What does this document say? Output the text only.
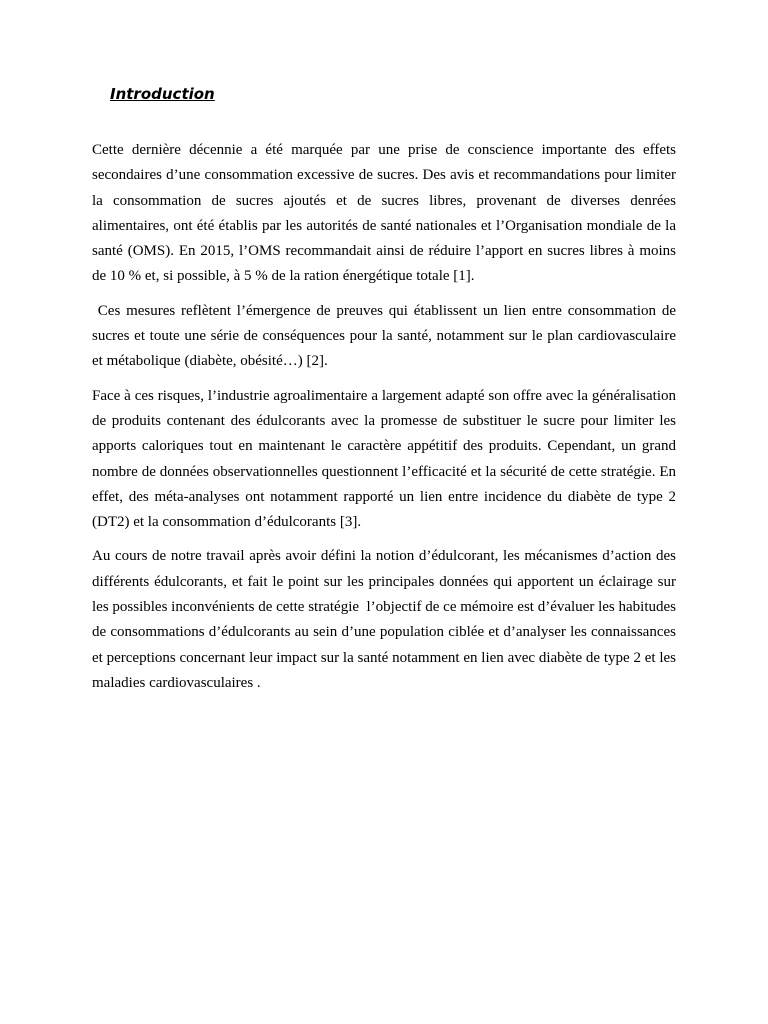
Introduction

Cette dernière décennie a été marquée par une prise de conscience importante des effets secondaires d’une consommation excessive de sucres. Des avis et recommandations pour limiter la consommation de sucres ajoutés et de sucres libres, provenant de diverses denrées alimentaires, ont été établis par les autorités de santé nationales et l’Organisation mondiale de la santé (OMS). En 2015, l’OMS recommandait ainsi de réduire l’apport en sucres libres à moins de 10 % et, si possible, à 5 % de la ration énergétique totale [1].

Ces mesures reflètent l’émergence de preuves qui établissent un lien entre consommation de sucres et toute une série de conséquences pour la santé, notamment sur le plan cardiovasculaire et métabolique (diabète, obésité…) [2].

Face à ces risques, l’industrie agroalimentaire a largement adapté son offre avec la généralisation de produits contenant des édulcorants avec la promesse de substituer le sucre pour limiter les apports caloriques tout en maintenant le caractère appétitif des produits. Cependant, un grand nombre de données observationnelles questionnent l’efficacité et la sécurité de cette stratégie. En effet, des méta-analyses ont notamment rapporté un lien entre incidence du diabète de type 2 (DT2) et la consommation d’édulcorants [3].

Au cours de notre travail après avoir défini la notion d’édulcorant, les mécanismes d’action des différents édulcorants, et fait le point sur les principales données qui apportent un éclairage sur les possibles inconvénients de cette stratégie  l’objectif de ce mémoire est d’évaluer les habitudes de consommations d’édulcorants au sein d’une population ciblée et d’analyser les connaissances et perceptions concernant leur impact sur la santé notamment en lien avec diabète de type 2 et les maladies cardiovasculaires .
